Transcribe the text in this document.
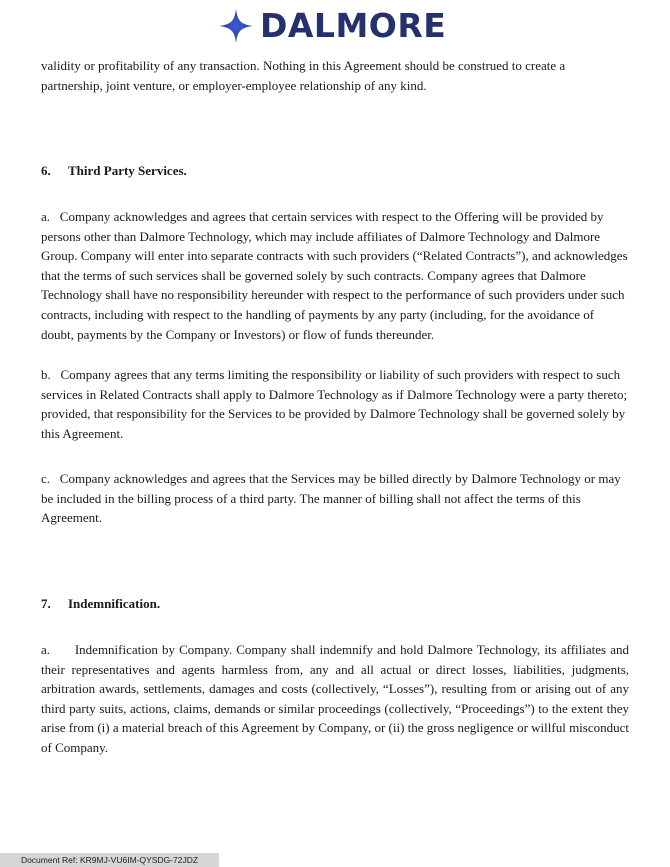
DALMORE

validity or profitability of any transaction. Nothing in this Agreement should be construed to create a partnership, joint venture, or employer-employee relationship of any kind.

6. Third Party Services.

a. Company acknowledges and agrees that certain services with respect to the Offering will be provided by persons other than Dalmore Technology, which may include affiliates of Dalmore Technology and Dalmore Group. Company will enter into separate contracts with such providers (“Related Contracts”), and acknowledges that the terms of such services shall be governed solely by such contracts. Company agrees that Dalmore Technology shall have no responsibility hereunder with respect to the performance of such providers under such contracts, including with respect to the handling of payments by any party (including, for the avoidance of doubt, payments by the Company or Investors) or flow of funds thereunder.

b. Company agrees that any terms limiting the responsibility or liability of such providers with respect to such services in Related Contracts shall apply to Dalmore Technology as if Dalmore Technology were a party thereto; provided, that responsibility for the Services to be provided by Dalmore Technology shall be governed solely by this Agreement.

c. Company acknowledges and agrees that the Services may be billed directly by Dalmore Technology or may be included in the billing process of a third party. The manner of billing shall not affect the terms of this Agreement.

7. Indemnification.

a. Indemnification by Company. Company shall indemnify and hold Dalmore Technology, its affiliates and their representatives and agents harmless from, any and all actual or direct losses, liabilities, judgments, arbitration awards, settlements, damages and costs (collectively, “Losses”), resulting from or arising out of any third party suits, actions, claims, demands or similar proceedings (collectively, “Proceedings”) to the extent they arise from (i) a material breach of this Agreement by Company, or (ii) the gross negligence or willful misconduct of Company.

Document Ref: KR9MJ-VU6IM-QYSDG-72JDZ
